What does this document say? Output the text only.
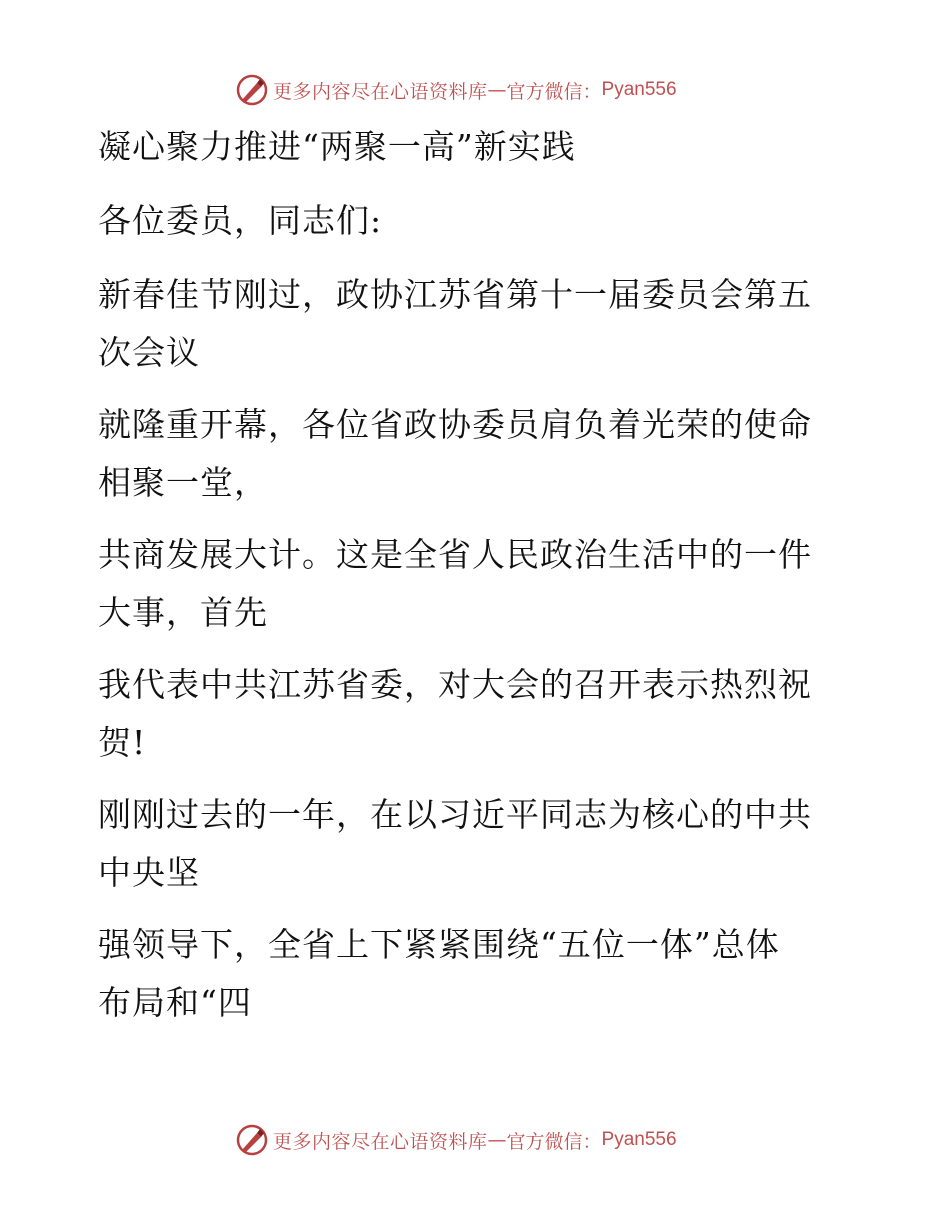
更多内容尽在心语资料库 — 官方微信： Pyan556
凝心聚力推进“两聚一高”新实践
各位委员，同志们:
新春佳节刚过，政协江苏省第十一届委员会第五
次会议
就隆重开幕，各位省政协委员肩负着光荣的使命
相聚一堂，
共商发展大计。这是全省人民政治生活中的一件
大事，首先
我代表中共江苏省委，对大会的召开表示热烈祝
贺!
刚刚过去的一年，在以习近平同志为核心的中共
中央坚
强领导下，全省上下紧紧围绕“五位一体”总体
布局和“四
更多内容尽在心语资料库 — 官方微信： Pyan556
